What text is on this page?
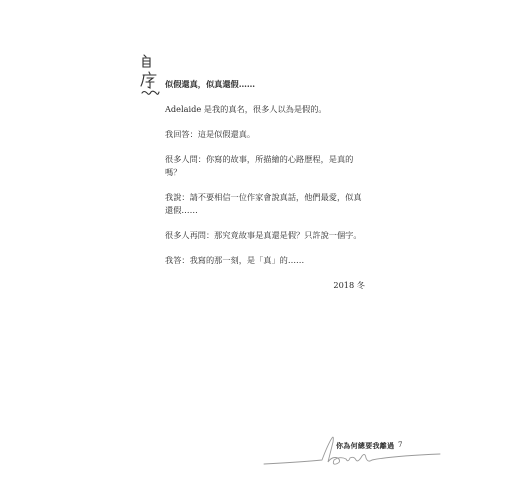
似假還真，似真還假……

Adelaide 是我的真名，很多人以為是假的。

我回答：這是似假還真。

很多人問：你寫的故事，所描繪的心路歷程，是真的嗎？

我說：請不要相信一位作家會說真話，他們最愛，似真還假……

很多人再問：那究竟故事是真還是假？只許說一個字。

我答：我寫的那一刻，是「真」的……

2018 冬

你為何總要我離過 7
